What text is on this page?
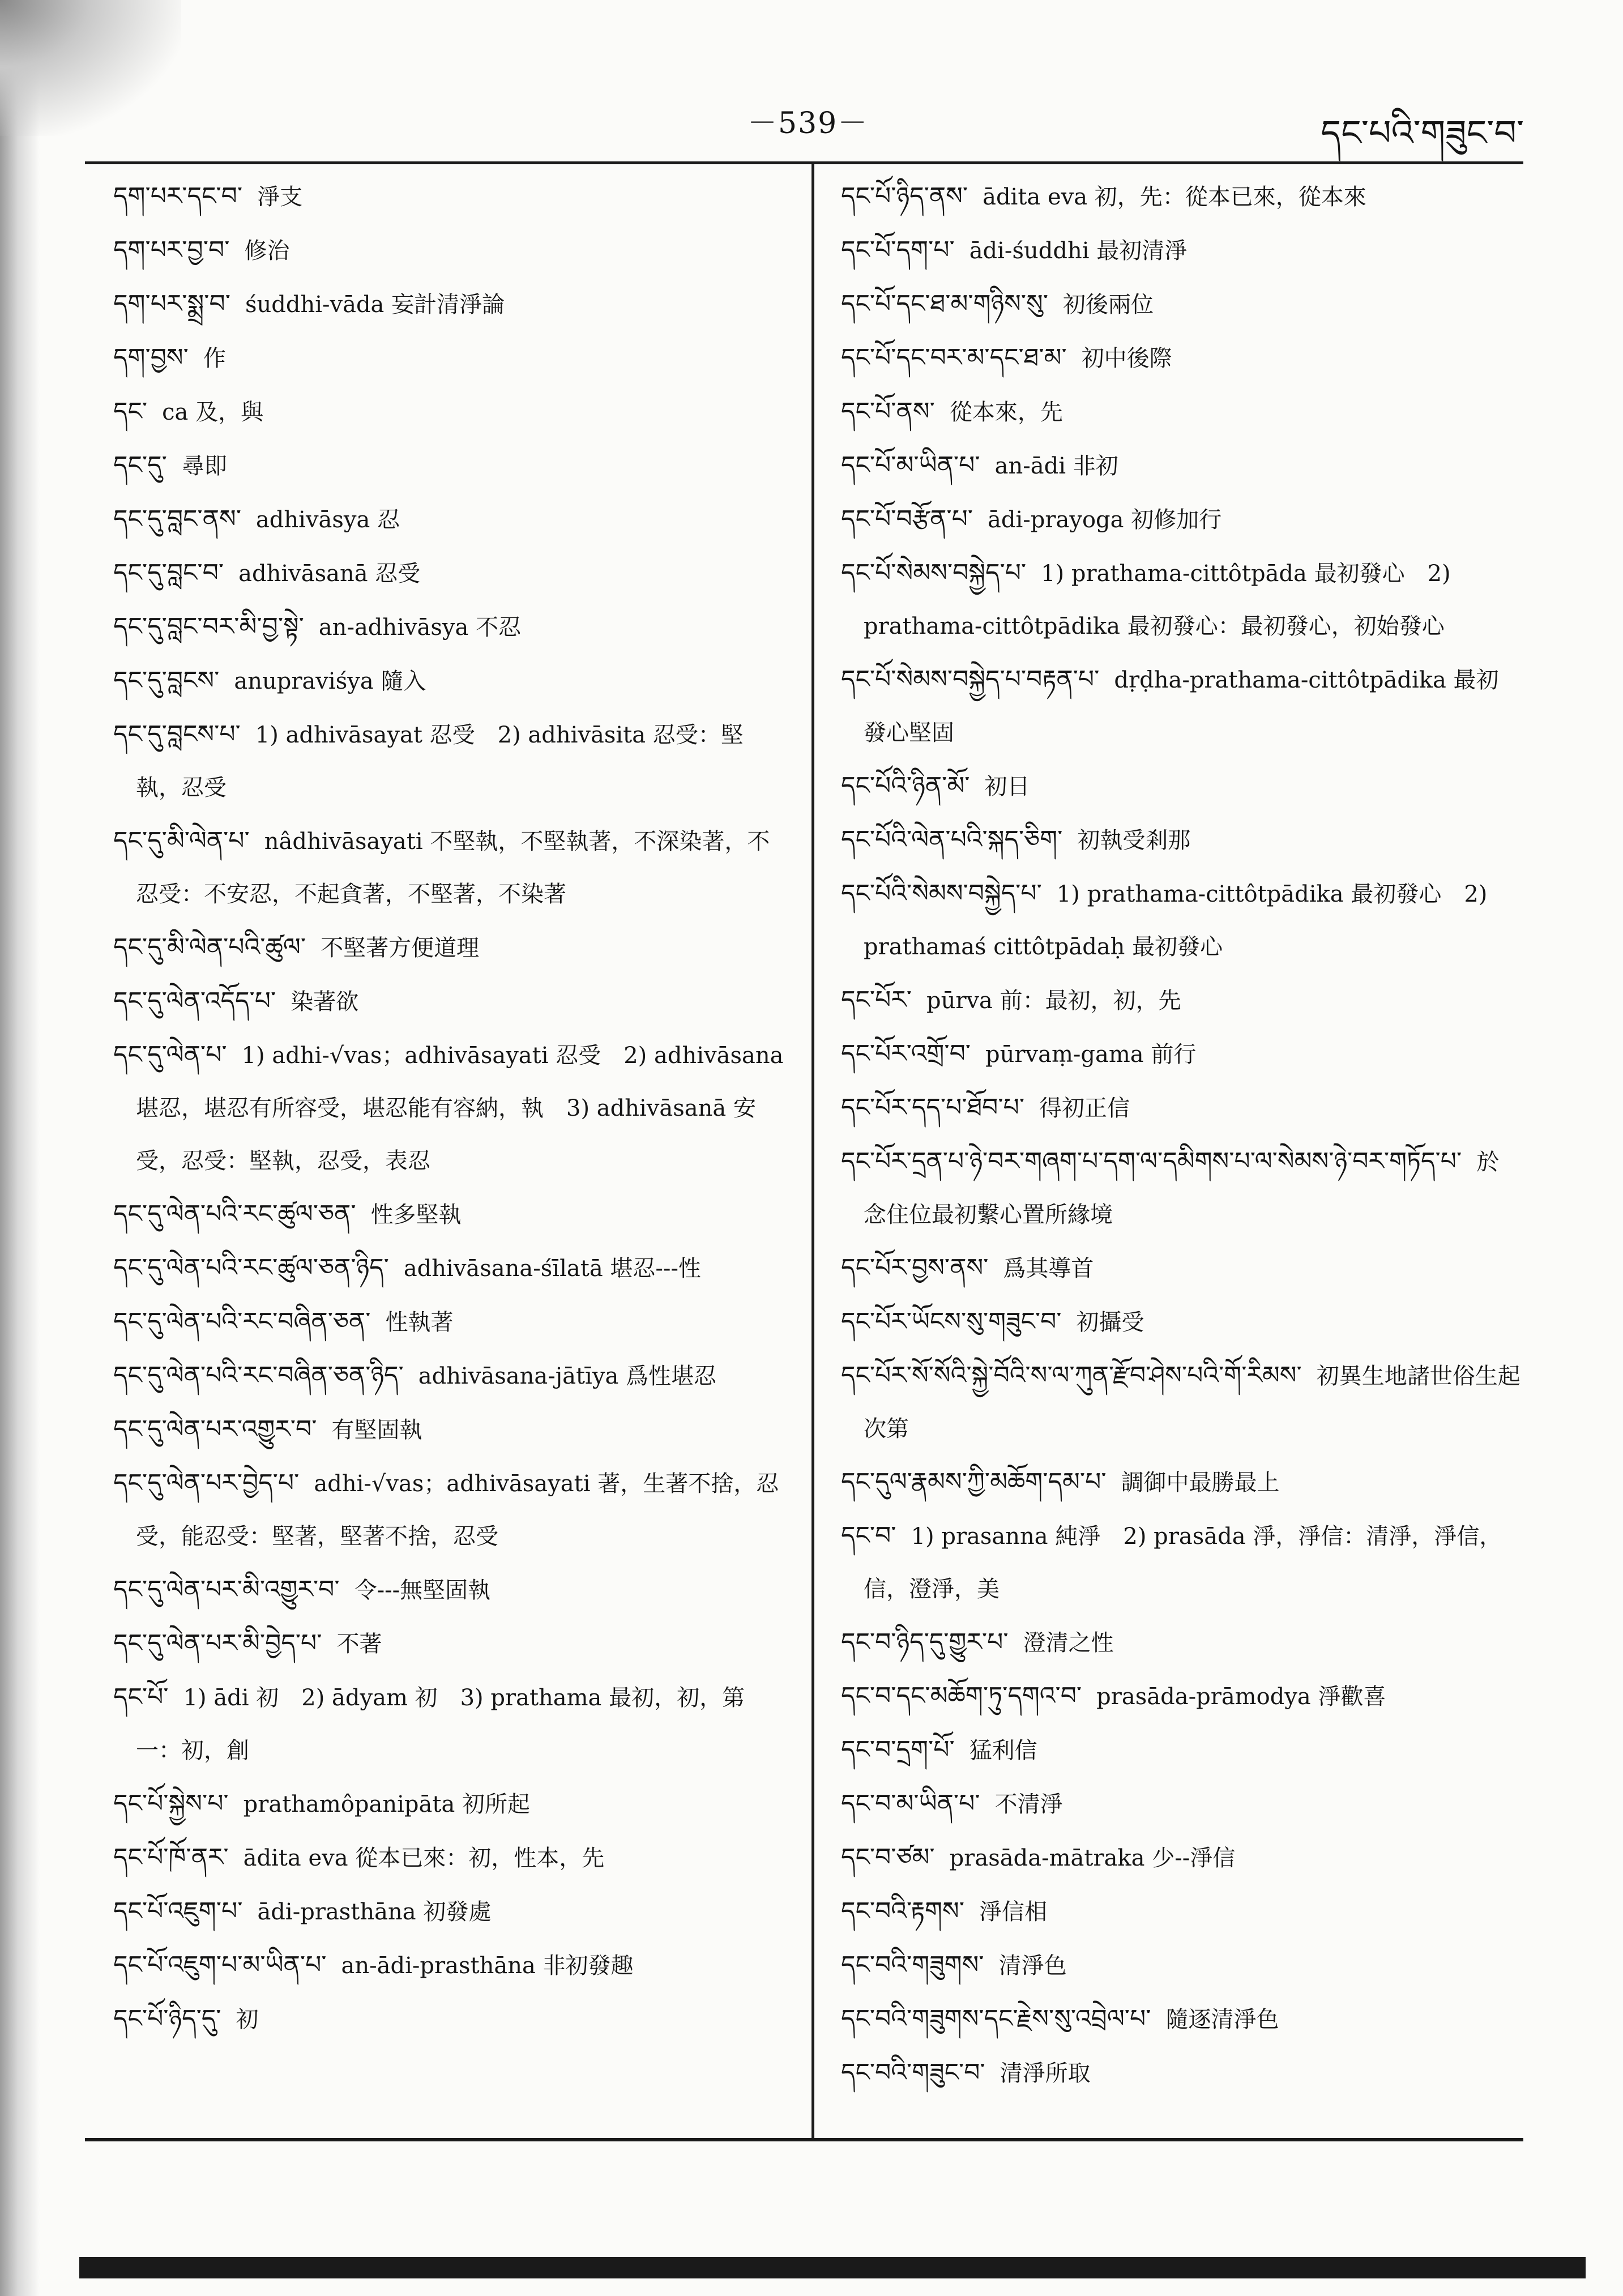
－539－	དང་པའི་གཟུང་བ་

དག་པར་དང་བ་ 淨支

དག་པར་བྱ་བ་ 修治

དག་པར་སྨྲ་བ་ śuddhi-vāda 妄計清淨論

དག་བྱས་ 作

དང་ ca 及，與

དང་དུ་ 尋即

དང་དུ་བླང་ནས་ adhivāsya 忍

དང་དུ་བླང་བ་ adhivāsanā 忍受

དང་དུ་བླང་བར་མི་བྱ་སྟེ་ an-adhivāsya 不忍

དང་དུ་བླངས་ anupraviśya 隨入

དང་དུ་བླངས་པ་ 1) adhivāsayat 忍受　2) adhivāsita 忍受：堅執，忍受

དང་དུ་མི་ལེན་པ་ nâdhivāsayati 不堅執，不堅執著，不深染著，不忍受：不安忍，不起貪著，不堅著，不染著

དང་དུ་མི་ལེན་པའི་ཚུལ་ 不堅著方便道理

དང་དུ་ལེན་འདོད་པ་ 染著欲

དང་དུ་ལེན་པ་ 1) adhi-√vas；adhivāsayati 忍受　2) adhivāsana 堪忍，堪忍有所容受，堪忍能有容納，執　3) adhivāsanā 安受，忍受：堅執，忍受，表忍

དང་དུ་ལེན་པའི་རང་ཚུལ་ཅན་ 性多堅執

དང་དུ་ལེན་པའི་རང་ཚུལ་ཅན་ཉིད་ adhivāsana-śīlatā 堪忍---性

དང་དུ་ལེན་པའི་རང་བཞིན་ཅན་ 性執著

དང་དུ་ལེན་པའི་རང་བཞིན་ཅན་ཉིད་ adhivāsana-jātīya 爲性堪忍

དང་དུ་ལེན་པར་འགྱུར་བ་ 有堅固執

དང་དུ་ལེན་པར་བྱེད་པ་ adhi-√vas；adhivāsayati 著，生著不捨，忍受，能忍受：堅著，堅著不捨，忍受

དང་དུ་ལེན་པར་མི་འགྱུར་བ་ 令---無堅固執

དང་དུ་ལེན་པར་མི་བྱེད་པ་ 不著

དང་པོ་ 1) ādi 初　2) ādyam 初　3) prathama 最初，初，第一：初，創

དང་པོ་སྐྱེས་པ་ prathamôpanipāta 初所起

དང་པོ་ཁོ་ནར་ ādita eva 從本已來：初，性本，先

དང་པོ་འཇུག་པ་ ādi-prasthāna 初發處

དང་པོ་འཇུག་པ་མ་ཡིན་པ་ an-ādi-prasthāna 非初發趣

དང་པོ་ཉིད་དུ་ 初

དང་པོ་ཉིད་ནས་ ādita eva 初，先：從本已來，從本來

དང་པོ་དག་པ་ ādi-śuddhi 最初清淨

དང་པོ་དང་ཐ་མ་གཉིས་སུ་ 初後兩位

དང་པོ་དང་བར་མ་དང་ཐ་མ་ 初中後際

དང་པོ་ནས་ 從本來，先

དང་པོ་མ་ཡིན་པ་ an-ādi 非初

དང་པོ་བརྩོན་པ་ ādi-prayoga 初修加行

དང་པོ་སེམས་བསྐྱེད་པ་ 1) prathama-cittôtpāda 最初發心　2) prathama-cittôtpādika 最初發心：最初發心，初始發心

དང་པོ་སེམས་བསྐྱེད་པ་བརྟན་པ་ dṛḍha-prathama-cittôtpādika 最初發心堅固

དང་པོའི་ཉིན་མོ་ 初日

དང་པོའི་ལེན་པའི་སྐད་ཅིག་ 初執受剎那

དང་པོའི་སེམས་བསྐྱེད་པ་ 1) prathama-cittôtpādika 最初發心　2) prathamaś cittôtpādaḥ 最初發心

དང་པོར་ pūrva 前：最初，初，先

དང་པོར་འགྲོ་བ་ pūrvaṃ-gama 前行

དང་པོར་དད་པ་ཐོབ་པ་ 得初正信

དང་པོར་དྲན་པ་ཉེ་བར་གཞག་པ་དག་ལ་དམིགས་པ་ལ་སེམས་ཉེ་བར་གཏོད་པ་ 於念住位最初繫心置所緣境

དང་པོར་བྱས་ནས་ 爲其導首

དང་པོར་ཡོངས་སུ་གཟུང་བ་ 初攝受

དང་པོར་སོ་སོའི་སྐྱེ་བོའི་ས་ལ་ཀུན་རྫོབ་ཤེས་པའི་གོ་རིམས་ 初異生地諸世俗生起次第

དང་དུལ་རྣམས་ཀྱི་མཆོག་དམ་པ་ 調御中最勝最上

དང་བ་ 1) prasanna 純淨　2) prasāda 淨，淨信：清淨，淨信，信，澄淨，美

དང་བ་ཉིད་དུ་གྱུར་པ་ 澄清之性

དང་བ་དང་མཆོག་ཏུ་དགའ་བ་ prasāda-prāmodya 淨歡喜

དང་བ་དྲག་པོ་ 猛利信

དང་བ་མ་ཡིན་པ་ 不清淨

དང་བ་ཙམ་ prasāda-mātraka 少--淨信

དང་བའི་རྟགས་ 淨信相

དང་བའི་གཟུགས་ 清淨色

དང་བའི་གཟུགས་དང་རྗེས་སུ་འབྲེལ་པ་ 隨逐清淨色

དང་བའི་གཟུང་བ་ 清淨所取
